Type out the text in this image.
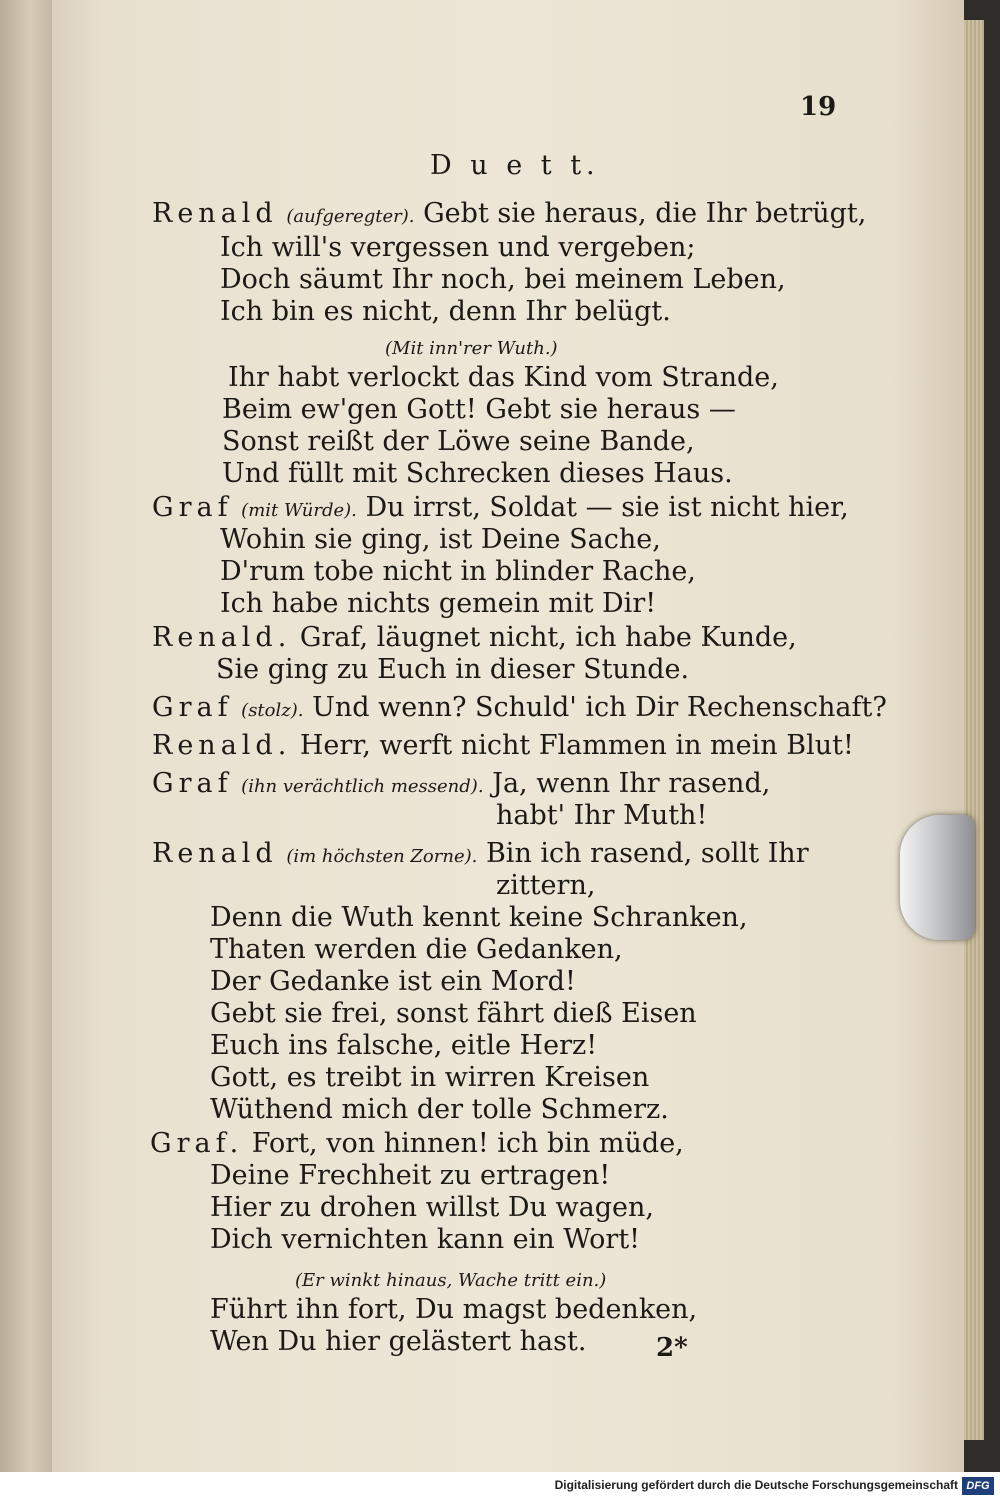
19
D u e t t.
Renald (aufgeregter). Gebt sie heraus, die Ihr betrügt,
Ich will's vergessen und vergeben;
Doch säumt Ihr noch, bei meinem Leben,
Ich bin es nicht, denn Ihr belügt.
(Mit inn'rer Wuth.)
Ihr habt verlockt das Kind vom Strande,
Beim ew'gen Gott! Gebt sie heraus —
Sonst reißt der Löwe seine Bande,
Und füllt mit Schrecken dieses Haus.
Graf (mit Würde). Du irrst, Soldat — sie ist nicht hier,
Wohin sie ging, ist Deine Sache,
D'rum tobe nicht in blinder Rache,
Ich habe nichts gemein mit Dir!
Renald. Graf, läugnet nicht, ich habe Kunde,
Sie ging zu Euch in dieser Stunde.
Graf (stolz). Und wenn? Schuld' ich Dir Rechenschaft?
Renald. Herr, werft nicht Flammen in mein Blut!
Graf (ihn verächtlich messend). Ja, wenn Ihr rasend,
habt' Ihr Muth!
Renald (im höchsten Zorne). Bin ich rasend, sollt Ihr
zittern,
Denn die Wuth kennt keine Schranken,
Thaten werden die Gedanken,
Der Gedanke ist ein Mord!
Gebt sie frei, sonst fährt dieß Eisen
Euch ins falsche, eitle Herz!
Gott, es treibt in wirren Kreisen
Wüthend mich der tolle Schmerz.
Graf. Fort, von hinnen! ich bin müde,
Deine Frechheit zu ertragen!
Hier zu drohen willst Du wagen,
Dich vernichten kann ein Wort!
(Er winkt hinaus, Wache tritt ein.)
Führt ihn fort, Du magst bedenken,
Wen Du hier gelästert hast.	2*
Digitalisierung gefördert durch die Deutsche Forschungsgemeinschaft DFG
